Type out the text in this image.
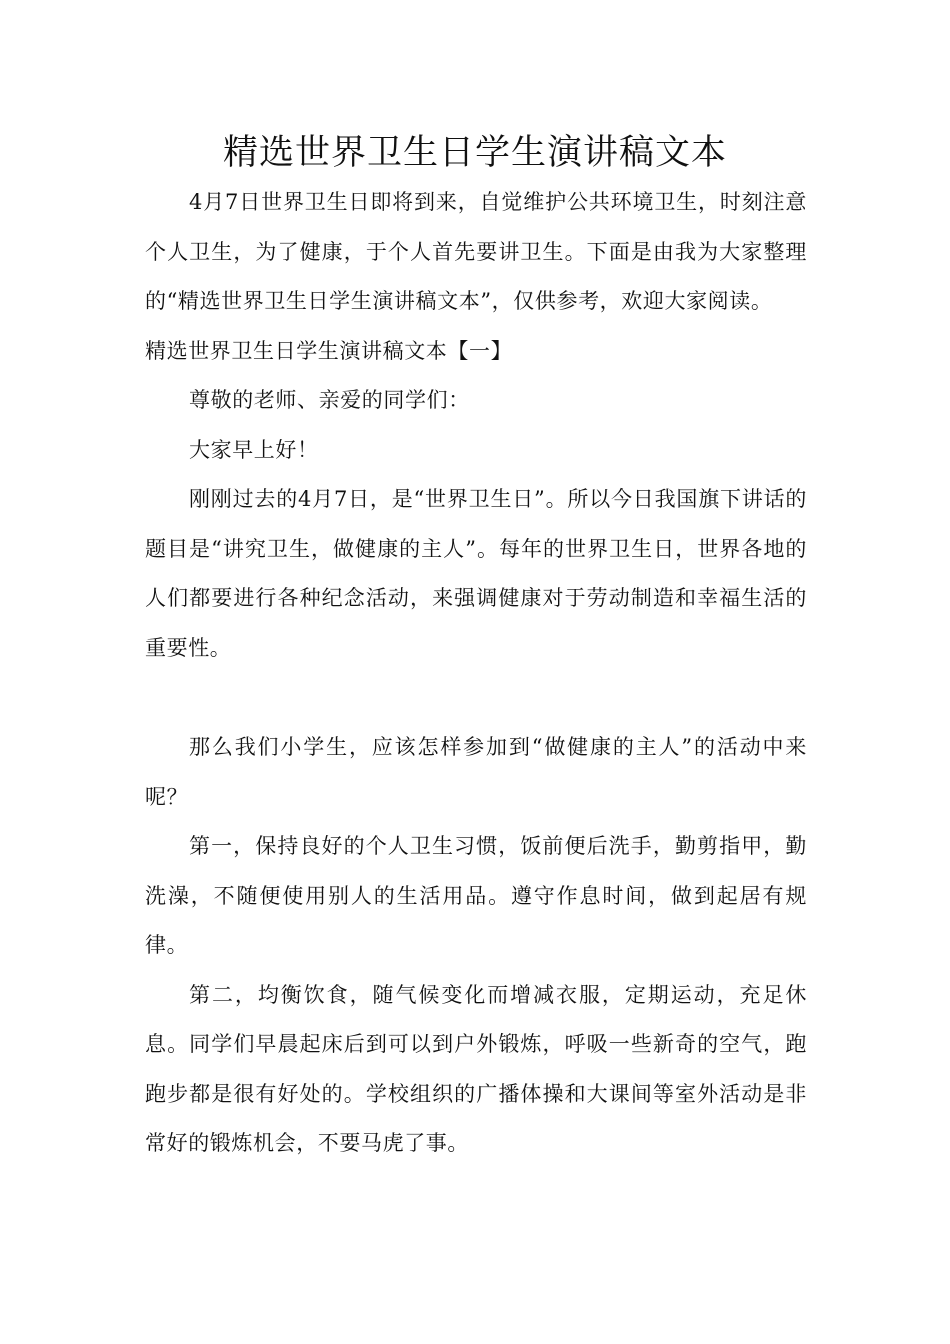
精选世界卫生日学生演讲稿文本

4月7日世界卫生日即将到来，自觉维护公共环境卫生，时刻注意个人卫生，为了健康，于个人首先要讲卫生。下面是由我为大家整理的“精选世界卫生日学生演讲稿文本”，仅供参考，欢迎大家阅读。

精选世界卫生日学生演讲稿文本【一】

尊敬的老师、亲爱的同学们：

大家早上好！

刚刚过去的4月7日，是“世界卫生日”。所以今日我国旗下讲话的题目是“讲究卫生，做健康的主人”。每年的世界卫生日，世界各地的人们都要进行各种纪念活动，来强调健康对于劳动制造和幸福生活的重要性。

那么我们小学生，应该怎样参加到“做健康的主人”的活动中来呢？

第一，保持良好的个人卫生习惯，饭前便后洗手，勤剪指甲，勤洗澡，不随便使用别人的生活用品。遵守作息时间，做到起居有规律。

第二，均衡饮食，随气候变化而增减衣服，定期运动，充足休息。同学们早晨起床后到可以到户外锻炼，呼吸一些新奇的空气，跑跑步都是很有好处的。学校组织的广播体操和大课间等室外活动是非常好的锻炼机会，不要马虎了事。
